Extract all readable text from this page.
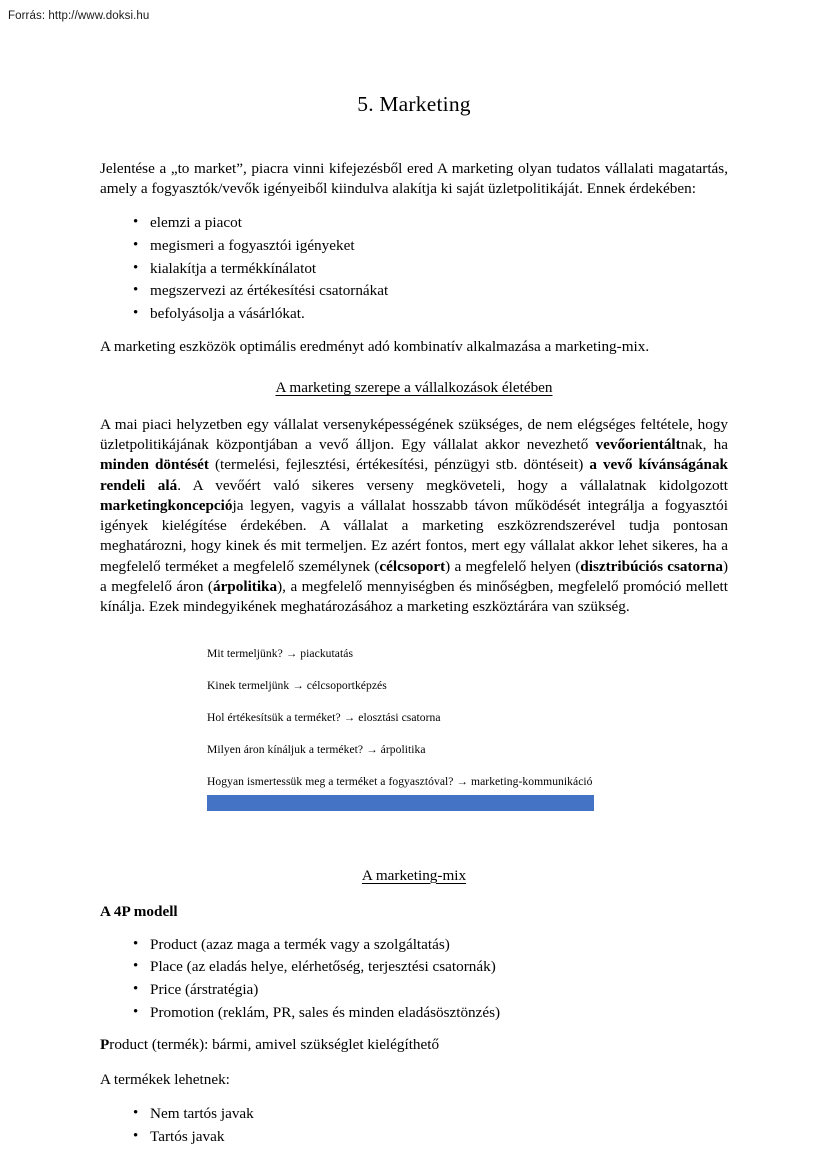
Forrás: http://www.doksi.hu
5. Marketing

Jelentése a „to market”, piacra vinni kifejezésből ered A marketing olyan tudatos vállalati magatartás, amely a fogyasztók/vevők igényeiből kiindulva alakítja ki saját üzletpolitikáját. Ennek érdekében:

• elemzi a piacot
• megismeri a fogyasztói igényeket
• kialakítja a termékkínálatot
• megszervezi az értékesítési csatornákat
• befolyásolja a vásárlókat.

A marketing eszközök optimális eredményt adó kombinatív alkalmazása a marketing-mix.

A marketing szerepe a vállalkozások életében

A mai piaci helyzetben egy vállalat versenyképességének szükséges, de nem elégséges feltétele, hogy üzletpolitikájának központjában a vevő álljon. Egy vállalat akkor nevezhető vevőorientáltnak, ha minden döntését (termelési, fejlesztési, értékesítési, pénzügyi stb. döntéseit) a vevő kívánságának rendeli alá. A vevőért való sikeres verseny megköveteli, hogy a vállalatnak kidolgozott marketingkoncepciója legyen, vagyis a vállalat hosszabb távon működését integrálja a fogyasztói igények kielégítése érdekében. A vállalat a marketing eszközrendszerével tudja pontosan meghatározni, hogy kinek és mit termeljen. Ez azért fontos, mert egy vállalat akkor lehet sikeres, ha a megfelelő terméket a megfelelő személynek (célcsoport) a megfelelő helyen (disztribúciós csatorna) a megfelelő áron (árpolitika), a megfelelő mennyiségben és minőségben, megfelelő promóció mellett kínálja. Ezek mindegyikének meghatározásához a marketing eszköztárára van szükség.

Mit termeljünk? → piackutatás

Kinek termeljünk → célcsoportképzés

Hol értékesítsük a terméket? → elosztási csatorna

Milyen áron kínáljuk a terméket? → árpolitika

Hogyan ismertessük meg a terméket a fogyasztóval? → marketing-kommunikáció

A marketing-mix
A 4P modell
• Product (azaz maga a termék vagy a szolgáltatás)
• Place (az eladás helye, elérhetőség, terjesztési csatornák)
• Price (árstratégia)
• Promotion (reklám, PR, sales és minden eladásösztönzés)

Product (termék): bármi, amivel szükséglet kielégíthető

A termékek lehetnek:

• Nem tartós javak
• Tartós javak
